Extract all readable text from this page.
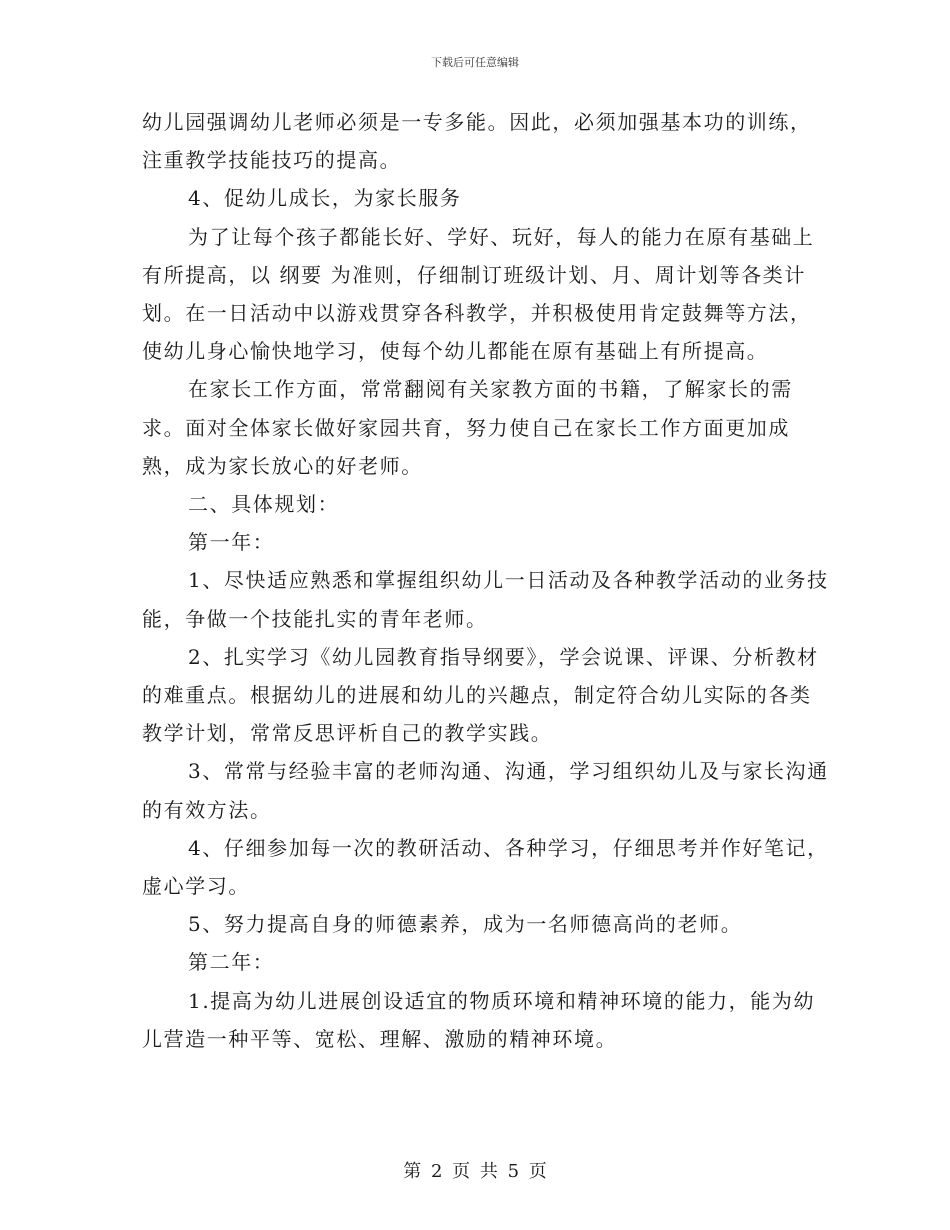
下载后可任意编辑

幼儿园强调幼儿老师必须是一专多能。因此，必须加强基本功的训练，注重教学技能技巧的提高。

4、促幼儿成长，为家长服务

为了让每个孩子都能长好、学好、玩好，每人的能力在原有基础上有所提高，以 纲要 为准则，仔细制订班级计划、月、周计划等各类计划。在一日活动中以游戏贯穿各科教学，并积极使用肯定鼓舞等方法，使幼儿身心愉快地学习，使每个幼儿都能在原有基础上有所提高。

在家长工作方面，常常翻阅有关家教方面的书籍，了解家长的需求。面对全体家长做好家园共育，努力使自己在家长工作方面更加成熟，成为家长放心的好老师。

二、具体规划：

第一年：

1、尽快适应熟悉和掌握组织幼儿一日活动及各种教学活动的业务技能，争做一个技能扎实的青年老师。

2、扎实学习《幼儿园教育指导纲要》，学会说课、评课、分析教材的难重点。根据幼儿的进展和幼儿的兴趣点，制定符合幼儿实际的各类教学计划，常常反思评析自己的教学实践。

3、常常与经验丰富的老师沟通、沟通，学习组织幼儿及与家长沟通的有效方法。

4、仔细参加每一次的教研活动、各种学习，仔细思考并作好笔记，虚心学习。

5、努力提高自身的师德素养，成为一名师德高尚的老师。

第二年：

1.提高为幼儿进展创设适宜的物质环境和精神环境的能力，能为幼儿营造一种平等、宽松、理解、激励的精神环境。

第 2 页 共 5 页
